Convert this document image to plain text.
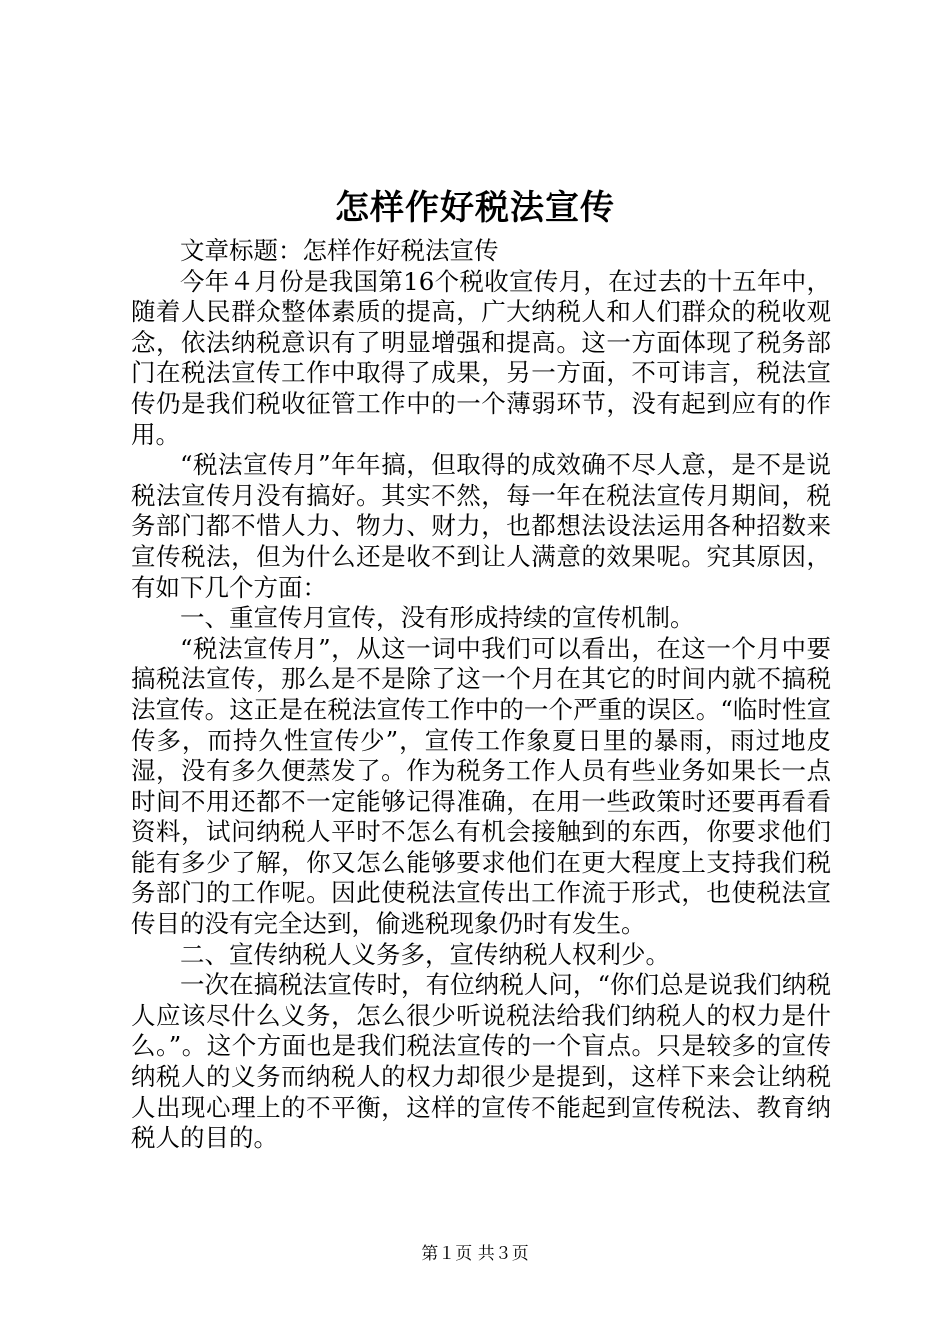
怎样作好税法宣传

文章标题：怎样作好税法宣传

今年４月份是我国第16个税收宣传月，在过去的十五年中，随着人民群众整体素质的提高，广大纳税人和人们群众的税收观念，依法纳税意识有了明显增强和提高。这一方面体现了税务部门在税法宣传工作中取得了成果，另一方面，不可讳言，税法宣传仍是我们税收征管工作中的一个薄弱环节，没有起到应有的作用。

“税法宣传月”年年搞，但取得的成效确不尽人意，是不是说税法宣传月没有搞好。其实不然，每一年在税法宣传月期间，税务部门都不惜人力、物力、财力，也都想法设法运用各种招数来宣传税法，但为什么还是收不到让人满意的效果呢。究其原因，有如下几个方面：

一、重宣传月宣传，没有形成持续的宣传机制。

“税法宣传月”，从这一词中我们可以看出，在这一个月中要搞税法宣传，那么是不是除了这一个月在其它的时间内就不搞税法宣传。这正是在税法宣传工作中的一个严重的误区。“临时性宣传多，而持久性宣传少”，宣传工作象夏日里的暴雨，雨过地皮湿，没有多久便蒸发了。作为税务工作人员有些业务如果长一点时间不用还都不一定能够记得准确，在用一些政策时还要再看看资料，试问纳税人平时不怎么有机会接触到的东西，你要求他们能有多少了解，你又怎么能够要求他们在更大程度上支持我们税务部门的工作呢。因此使税法宣传出工作流于形式，也使税法宣传目的没有完全达到，偷逃税现象仍时有发生。

二、宣传纳税人义务多，宣传纳税人权利少。

一次在搞税法宣传时，有位纳税人问，“你们总是说我们纳税人应该尽什么义务，怎么很少听说税法给我们纳税人的权力是什么。”。这个方面也是我们税法宣传的一个盲点。只是较多的宣传纳税人的义务而纳税人的权力却很少是提到，这样下来会让纳税人出现心理上的不平衡，这样的宣传不能起到宣传税法、教育纳税人的目的。

第１页 共３页
